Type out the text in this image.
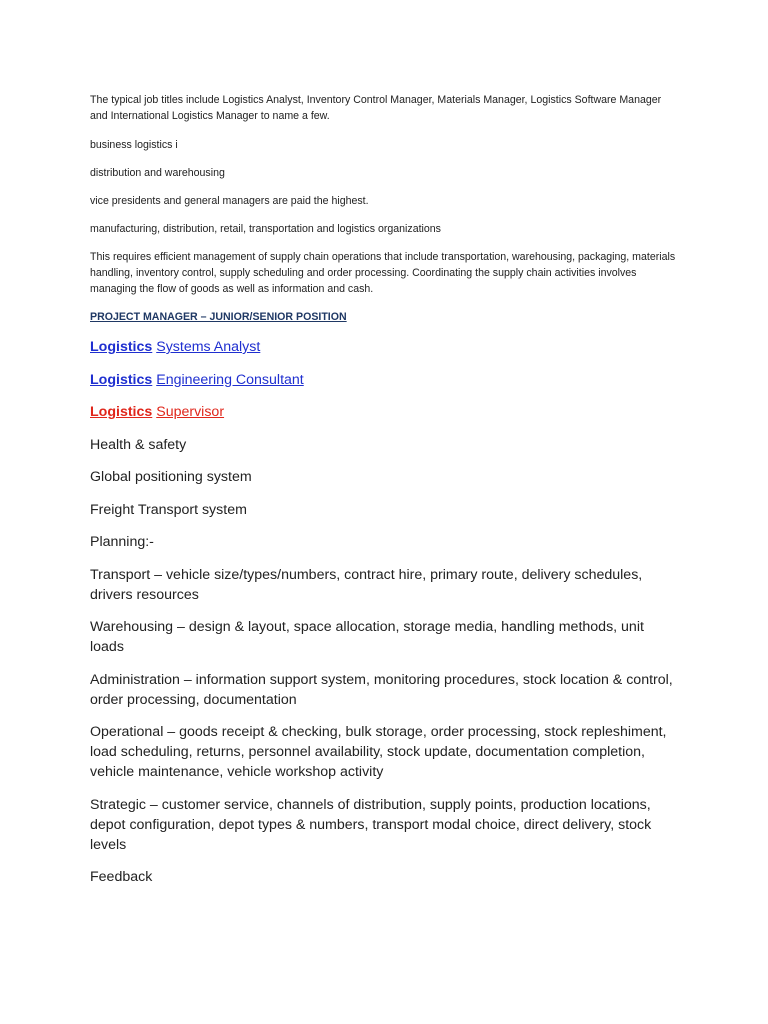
The typical job titles include Logistics Analyst, Inventory Control Manager, Materials Manager, Logistics Software Manager and International Logistics Manager to name a few.

business logistics i

distribution and warehousing

vice presidents and general managers are paid the highest.

manufacturing, distribution, retail, transportation and logistics organizations

This requires efficient management of supply chain operations that include transportation, warehousing, packaging, materials handling, inventory control, supply scheduling and order processing. Coordinating the supply chain activities involves managing the flow of goods as well as information and cash.

PROJECT MANAGER – JUNIOR/SENIOR POSITION

Logistics Systems Analyst

Logistics Engineering Consultant

Logistics Supervisor

Health & safety

Global positioning system

Freight Transport system

Planning:-

Transport – vehicle size/types/numbers, contract hire, primary route, delivery schedules, drivers resources

Warehousing – design & layout, space allocation, storage media, handling methods, unit loads

Administration – information support system, monitoring procedures, stock location & control, order processing, documentation

Operational – goods receipt & checking, bulk storage, order processing, stock repleshiment, load scheduling, returns, personnel availability, stock update, documentation completion, vehicle maintenance, vehicle workshop activity

Strategic – customer service, channels of distribution, supply points, production locations, depot configuration, depot types & numbers, transport modal choice, direct delivery, stock levels

Feedback
